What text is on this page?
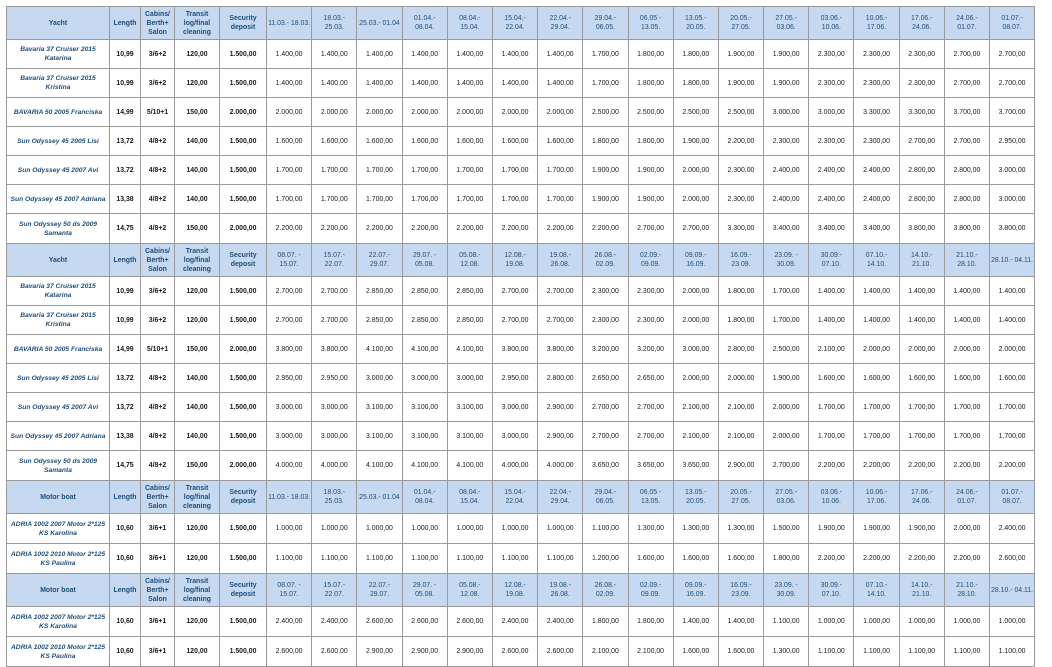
Yacht	Length	Cabins/ Berth+ Salon	Transit log/final cleaning	Security deposit	11.03.- 18.03.	18.03.- 25.03.	25.03.- 01.04	01.04.- 08.04.	08.04.- 15.04.	15.04.- 22.04.	22.04.- 29.04.	29.04.- 06.05.	06.05 - 13.05.	13.05.- 20.05.	20.05.- 27.05.	27.05.- 03.06.	03.06.- 10.06.	10.06.- 17.06.	17.06.- 24.06.	24.06.- 01.07.	01.07.- 08.07.
Bavaria 37 Cruiser 2015 Katarina	10,99	3/6+2	120,00	1.500,00	1.400,00	1.400,00	1.400,00	1.400,00	1.400,00	1.400,00	1.400,00	1.700,00	1.800,00	1.800,00	1.900,00	1.900,00	2.300,00	2.300,00	2.300,00	2.700,00	2.700,00
Bavaria 37 Cruiser 2015 Kristina	10,99	3/6+2	120,00	1.500,00	1.400,00	1.400,00	1.400,00	1.400,00	1.400,00	1.400,00	1.400,00	1.700,00	1.800,00	1.800,00	1.900,00	1.900,00	2.300,00	2.300,00	2.300,00	2.700,00	2.700,00
BAVARIA 50 2005 Franciska	14,99	5/10+1	150,00	2.000,00	2.000,00	2.000,00	2.000,00	2.000,00	2.000,00	2.000,00	2.000,00	2.500,00	2.500,00	2.500,00	2.500,00	3.000,00	3.000,00	3.300,00	3.300,00	3.700,00	3.700,00
Sun Odyssey 45 2005 Lisi	13,72	4/8+2	140,00	1.500,00	1.600,00	1.600,00	1.600,00	1.600,00	1.600,00	1.600,00	1.600,00	1.800,00	1.800,00	1.900,00	2.200,00	2.300,00	2.300,00	2.300,00	2.700,00	2.700,00	2.950,00
Sun Odyssey 45 2007 Avi	13,72	4/8+2	140,00	1.500,00	1.700,00	1.700,00	1.700,00	1.700,00	1.700,00	1.700,00	1.700,00	1.900,00	1.900,00	2.000,00	2.300,00	2.400,00	2.400,00	2.400,00	2.800,00	2.800,00	3.000,00
Sun Odyssey 45 2007 Adriana	13,38	4/8+2	140,00	1.500,00	1.700,00	1.700,00	1.700,00	1.700,00	1.700,00	1.700,00	1.700,00	1.900,00	1.900,00	2.000,00	2.300,00	2.400,00	2.400,00	2.400,00	2.800,00	2.800,00	3.000,00
Sun Odyssey 50 ds 2009 Samanta	14,75	4/8+2	150,00	2.000,00	2.200,00	2.200,00	2.200,00	2.200,00	2.200,00	2.200,00	2.200,00	2.200,00	2.700,00	2.700,00	3.300,00	3.400,00	3.400,00	3.400,00	3.800,00	3.800,00	3.800,00
Yacht	Length	Cabins/ Berth+ Salon	Transit log/final cleaning	Security deposit	08.07. - 15.07.	15.07.- 22.07.	22.07.- 29.07.	29.07. - 05.08.	05.08.- 12.08.	12.08.- 19.08.	19.08.- 26.08.	26.08.- 02.09.	02.09.- 09.09.	09.09.- 16.09.	16.09.- 23.09.	23.09. - 30.09.	30.09.- 07.10.	07.10.- 14.10.	14.10.- 21.10.	21.10.- 28.10.	28.10.- 04.11.
Bavaria 37 Cruiser 2015 Katarina	10,99	3/6+2	120,00	1.500,00	2.700,00	2.700,00	2.850,00	2.850,00	2.850,00	2.700,00	2.700,00	2.300,00	2.300,00	2.000,00	1.800,00	1.700,00	1.400,00	1.400,00	1.400,00	1.400,00	1.400,00
Bavaria 37 Cruiser 2015 Kristina	10,99	3/6+2	120,00	1.500,00	2.700,00	2.700,00	2.850,00	2.850,00	2.850,00	2.700,00	2.700,00	2.300,00	2.300,00	2.000,00	1.800,00	1.700,00	1.400,00	1.400,00	1.400,00	1.400,00	1.400,00
BAVARIA 50 2005 Franciska	14,99	5/10+1	150,00	2.000,00	3.800,00	3.800,00	4.100,00	4.100,00	4.100,00	3.800,00	3.800,00	3.200,00	3.200,00	3.000,00	2.800,00	2.500,00	2.100,00	2.000,00	2.000,00	2.000,00	2.000,00
Sun Odyssey 45 2005 Lisi	13,72	4/8+2	140,00	1.500,00	2.950,00	2.950,00	3.000,00	3.000,00	3.000,00	2.950,00	2.800,00	2.650,00	2.650,00	2.000,00	2.000,00	1.900,00	1.600,00	1.600,00	1.600,00	1.600,00	1.600,00
Sun Odyssey 45 2007 Avi	13,72	4/8+2	140,00	1.500,00	3.000,00	3.000,00	3.100,00	3.100,00	3.100,00	3.000,00	2.900,00	2.700,00	2.700,00	2.100,00	2.100,00	2.000,00	1.700,00	1.700,00	1.700,00	1.700,00	1.700,00
Sun Odyssey 45 2007 Adriana	13,38	4/8+2	140,00	1.500,00	3.000,00	3.000,00	3.100,00	3.100,00	3.100,00	3.000,00	2.900,00	2.700,00	2.700,00	2.100,00	2.100,00	2.000,00	1.700,00	1.700,00	1.700,00	1.700,00	1.700,00
Sun Odyssey 50 ds 2009 Samanta	14,75	4/8+2	150,00	2.000,00	4.000,00	4.000,00	4.100,00	4.100,00	4.100,00	4.000,00	4.000,00	3.650,00	3.650,00	3.650,00	2.900,00	2.700,00	2.200,00	2.200,00	2.200,00	2.200,00	2.200,00
Motor boat	Length	Cabins/ Berth+ Salon	Transit log/final cleaning	Security deposit	11.03.- 18.03.	18.03.- 25.03.	25.03.- 01.04	01.04.- 08.04.	08.04.- 15.04.	15.04.- 22.04.	22.04.- 29.04.	29.04.- 06.05.	06.05 - 13.05.	13.05.- 20.05.	20.05.- 27.05.	27.05.- 03.06.	03.06.- 10.06.	10.06.- 17.06.	17.06.- 24.06.	24.06.- 01.07.	01.07.- 08.07.
ADRIA 1002 2007 Motor 2*125 KS Karolina	10,60	3/6+1	120,00	1.500,00	1.000,00	1.000,00	1.000,00	1.000,00	1.000,00	1.000,00	1.000,00	1.100,00	1.300,00	1.300,00	1.300,00	1.500,00	1.900,00	1.900,00	1.900,00	2.000,00	2.400,00
ADRIA 1002 2010 Motor 2*125 KS Paulina	10,60	3/6+1	120,00	1.500,00	1.100,00	1.100,00	1.100,00	1.100,00	1.100,00	1.100,00	1.100,00	1.200,00	1.600,00	1.600,00	1.600,00	1.800,00	2.200,00	2.200,00	2.200,00	2.200,00	2.600,00
Motor boat	Length	Cabins/ Berth+ Salon	Transit log/final cleaning	Security deposit	08.07. - 15.07.	15.07.- 22.07.	22.07.- 29.07.	29.07. - 05.08.	05.08.- 12.08.	12.08.- 19.08.	19.08.- 26.08.	26.08.- 02.09.	02.09.- 09.09.	09.09.- 16.09.	16.09.- 23.09.	23.09. - 30.09.	30.09.- 07.10.	07.10.- 14.10.	14.10.- 21.10.	21.10.- 28.10.	28.10.- 04.11.
ADRIA 1002 2007 Motor 2*125 KS Karolina	10,60	3/6+1	120,00	1.500,00	2.400,00	2.400,00	2.600,00	2.600,00	2.600,00	2.400,00	2.400,00	1.800,00	1.800,00	1.400,00	1.400,00	1.100,00	1.000,00	1.000,00	1.000,00	1.000,00	1.000,00
ADRIA 1002 2010 Motor 2*125 KS Paulina	10,60	3/6+1	120,00	1.500,00	2.600,00	2.600,00	2.900,00	2.900,00	2.900,00	2.600,00	2.600,00	2.100,00	2.100,00	1.600,00	1.600,00	1.300,00	1.100,00	1.100,00	1.100,00	1.100,00	1.100,00
